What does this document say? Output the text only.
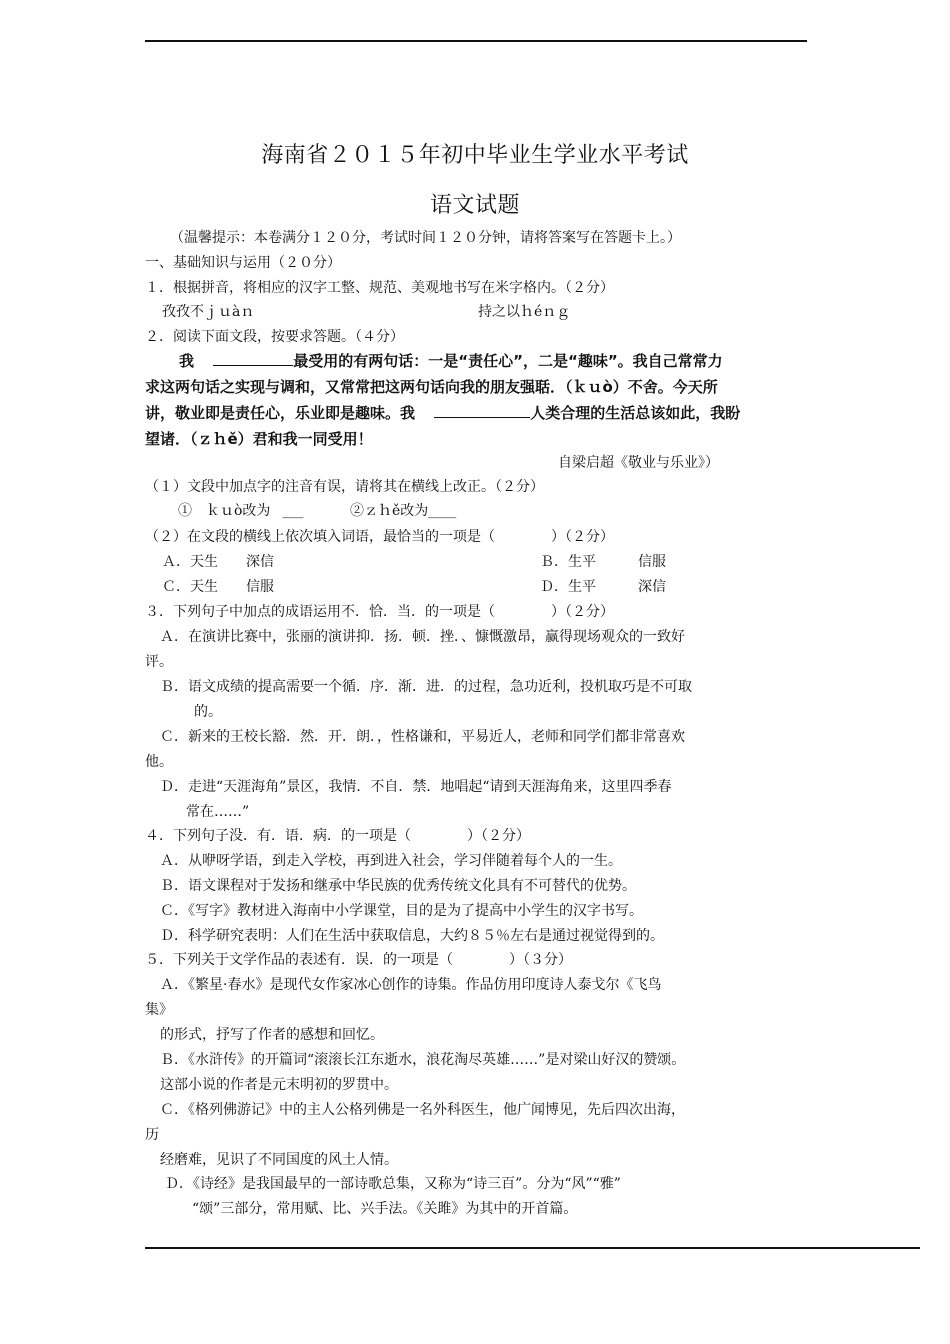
海南省２０１５年初中毕业生学业水平考试
语文试题
（温馨提示：本卷满分１２０分，考试时间１２０分钟，请将答案写在答题卡上。）
一、基础知识与运用（２０分）
１．根据拼音，将相应的汉字工整、规范、美观地书写在米字格内。（２分）
孜孜不ｊｕàｎ	持之以ｈéｎｇ
２．阅读下面文段，按要求答题。（４分）
我	最受用的有两句话：一是“责任心”，二是“趣味”。我自己常常力
求这两句话之实现与调和，又常常把这两句话向我的朋友强聒．（ｋｕò）不舍。今天所
讲，敬业即是责任心，乐业即是趣味。我	人类合理的生活总该如此，我盼
望诸．（ｚｈě）君和我一同受用！
自梁启超《敬业与乐业》）
（１）文段中加点字的注音有误，请将其在横线上改正。（２分）
①　ｋｕò改为 ___	②ｚｈě改为____
（２）在文段的横线上依次填入词语，最恰当的一项是（　　　　）（２分）
Ａ．天生　　深信	Ｂ．生平　　　信服
Ｃ．天生　　信服	Ｄ．生平　　　深信
３．下列句子中加点的成语运用不．恰．当．的一项是（　　　　）（２分）
Ａ．在演讲比赛中，张丽的演讲抑．扬．顿．挫．、慷慨激昂，赢得现场观众的一致好
评。
Ｂ．语文成绩的提高需要一个循．序．渐．进．的过程，急功近利，投机取巧是不可取
的。
Ｃ．新来的王校长豁．然．开．朗．，性格谦和，平易近人，老师和同学们都非常喜欢
他。
Ｄ．走进“天涯海角”景区，我情．不自．禁．地唱起“请到天涯海角来，这里四季春
常在……”
４．下列句子没．有．语．病．的一项是（　　　　）（２分）
Ａ．从咿呀学语，到走入学校，再到进入社会，学习伴随着每个人的一生。
Ｂ．语文课程对于发扬和继承中华民族的优秀传统文化具有不可替代的优势。
Ｃ．《写字》教材进入海南中小学课堂，目的是为了提高中小学生的汉字书写。
Ｄ．科学研究表明：人们在生活中获取信息，大约８５％左右是通过视觉得到的。
５．下列关于文学作品的表述有．误．的一项是（　　　　）（３分）
Ａ．《繁星·春水》是现代女作家冰心创作的诗集。作品仿用印度诗人泰戈尔《飞鸟
集》
的形式，抒写了作者的感想和回忆。
Ｂ．《水浒传》的开篇词“滚滚长江东逝水，浪花淘尽英雄……”是对梁山好汉的赞颂。
这部小说的作者是元末明初的罗贯中。
Ｃ．《格列佛游记》中的主人公格列佛是一名外科医生，他广闻博见，先后四次出海，
历
经磨难，见识了不同国度的风土人情。
Ｄ．《诗经》是我国最早的一部诗歌总集，又称为“诗三百”。分为“风”“雅”
“颂”三部分，常用赋、比、兴手法。《关雎》为其中的开首篇。
